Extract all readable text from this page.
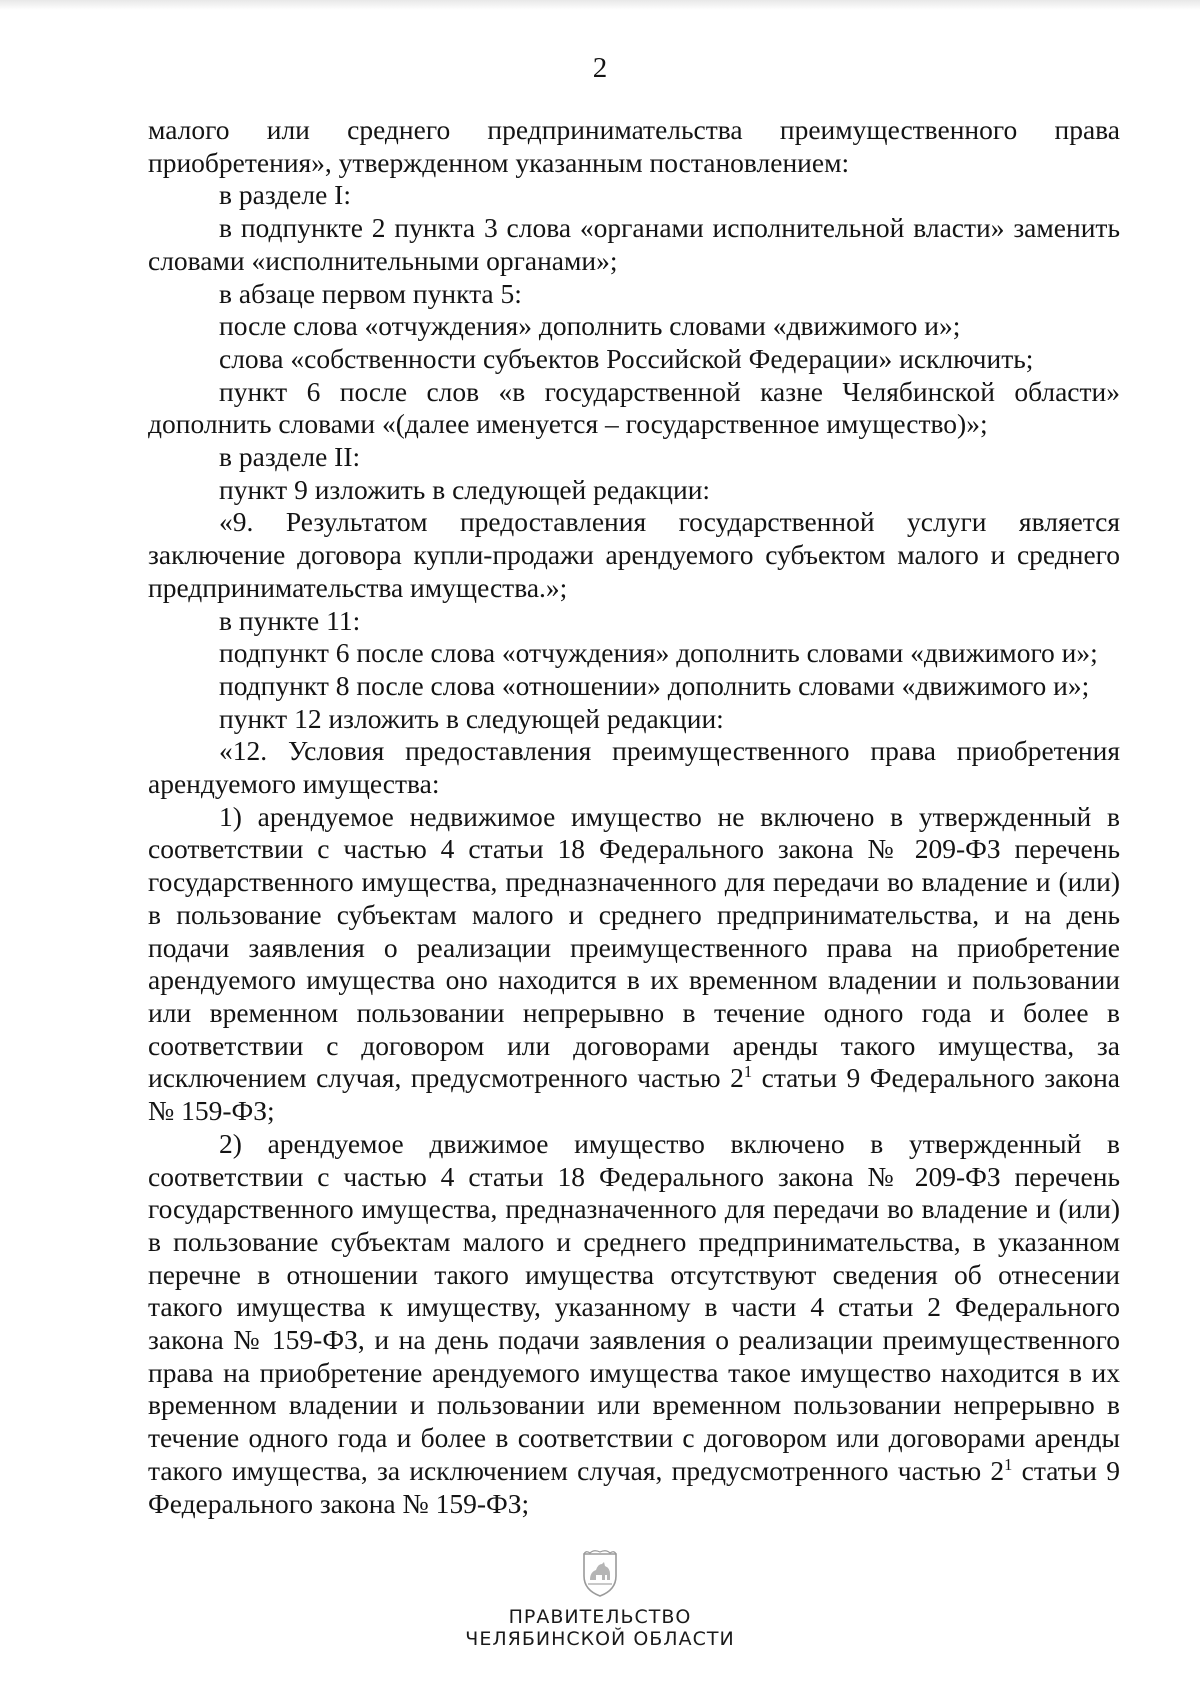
2

малого или среднего предпринимательства преимущественного права приобретения», утвержденном указанным постановлением:

в разделе I:

в подпункте 2 пункта 3 слова «органами исполнительной власти» заменить словами «исполнительными органами»;

в абзаце первом пункта 5:

после слова «отчуждения» дополнить словами «движимого и»;

слова «собственности субъектов Российской Федерации» исключить;

пункт 6 после слов «в государственной казне Челябинской области» дополнить словами «(далее именуется – государственное имущество)»;

в разделе II:

пункт 9 изложить в следующей редакции:

«9. Результатом предоставления государственной услуги является заключение договора купли-продажи арендуемого субъектом малого и среднего предпринимательства имущества.»;

в пункте 11:

подпункт 6 после слова «отчуждения» дополнить словами «движимого и»;

подпункт 8 после слова «отношении» дополнить словами «движимого и»;

пункт 12 изложить в следующей редакции:

«12. Условия предоставления преимущественного права приобретения арендуемого имущества:

1) арендуемое недвижимое имущество не включено в утвержденный в соответствии с частью 4 статьи 18 Федерального закона № 209-ФЗ перечень государственного имущества, предназначенного для передачи во владение и (или) в пользование субъектам малого и среднего предпринимательства, и на день подачи заявления о реализации преимущественного права на приобретение арендуемого имущества оно находится в их временном владении и пользовании или временном пользовании непрерывно в течение одного года и более в соответствии с договором или договорами аренды такого имущества, за исключением случая, предусмотренного частью $2^1$ статьи 9 Федерального закона № 159-ФЗ;

2) арендуемое движимое имущество включено в утвержденный в соответствии с частью 4 статьи 18 Федерального закона № 209-ФЗ перечень государственного имущества, предназначенного для передачи во владение и (или) в пользование субъектам малого и среднего предпринимательства, в указанном перечне в отношении такого имущества отсутствуют сведения об отнесении такого имущества к имуществу, указанному в части 4 статьи 2 Федерального закона № 159-ФЗ, и на день подачи заявления о реализации преимущественного права на приобретение арендуемого имущества такое имущество находится в их временном владении и пользовании или временном пользовании непрерывно в течение одного года и более в соответствии с договором или договорами аренды такого имущества, за исключением случая, предусмотренного частью $2^1$ статьи 9 Федерального закона № 159-ФЗ;

ПРАВИТЕЛЬСТВО
ЧЕЛЯБИНСКОЙ ОБЛАСТИ
